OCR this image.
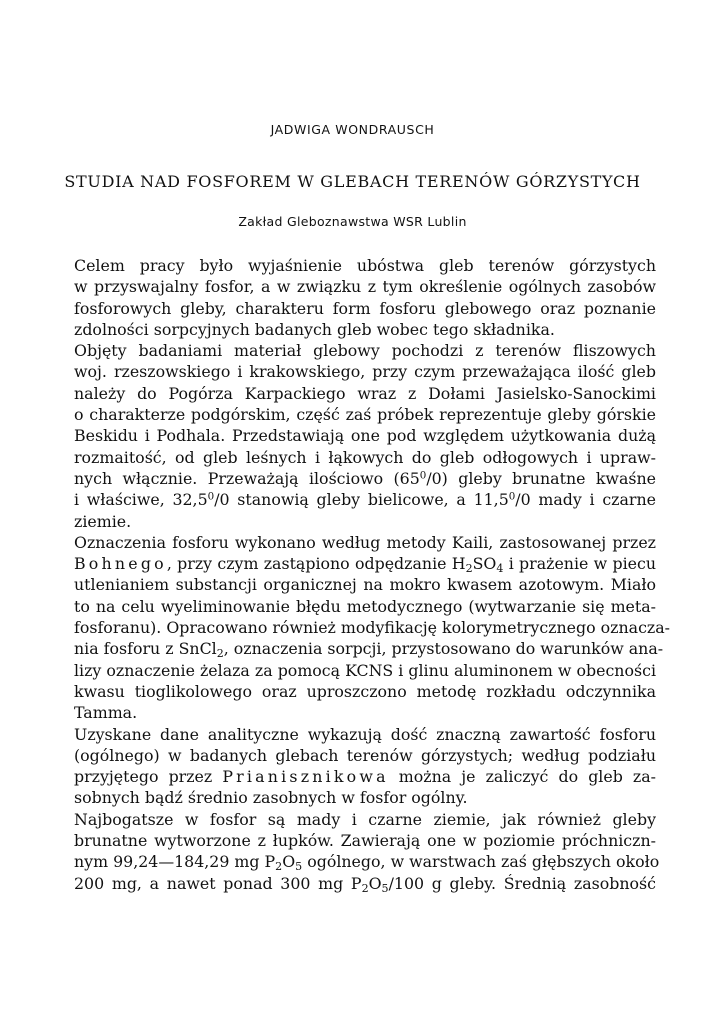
JADWIGA WONDRAUSCH
STUDIA NAD FOSFOREM W GLEBACH TERENÓW GÓRZYSTYCH
Zakład Gleboznawstwa WSR Lublin
Celem pracy było wyjaśnienie ubóstwa gleb terenów górzystych
w przyswajalny fosfor, a w związku z tym określenie ogólnych zasobów
fosforowych gleby, charakteru form fosforu glebowego oraz poznanie
zdolności sorpcyjnych badanych gleb wobec tego składnika.
Objęty badaniami materiał glebowy pochodzi z terenów fliszowych
woj. rzeszowskiego i krakowskiego, przy czym przeważająca ilość gleb
należy do Pogórza Karpackiego wraz z Dołami Jasielsko-Sanockimi
o charakterze podgórskim, część zaś próbek reprezentuje gleby górskie
Beskidu i Podhala. Przedstawiają one pod względem użytkowania dużą
rozmaitość, od gleb leśnych i łąkowych do gleb odłogowych i upraw-
nych włącznie. Przeważają ilościowo $(65^0/0)$ gleby brunatne kwaśne
i właściwe, 32,5$^0$/0 stanowią gleby bielicowe, a 11,5$^0$/0 mady i czarne
ziemie.
Oznaczenia fosforu wykonano według metody Kaili, zastosowanej przez
Bohnego, przy czym zastąpiono odpędzanie $H_2SO_4$ i prażenie w piecu
utlenianiem substancji organicznej na mokro kwasem azotowym. Miało
to na celu wyeliminowanie błędu metodycznego (wytwarzanie się meta-
fosforanu). Opracowano również modyfikację kolorymetrycznego oznacza-
nia fosforu z SnCl$_2$, oznaczenia sorpcji, przystosowano do warunków ana-
lizy oznaczenie żelaza za pomocą KCNS i glinu aluminonem w obecności
kwasu tioglikolowego oraz uproszczono metodę rozkładu odczynnika
Tamma.
Uzyskane dane analityczne wykazują dość znaczną zawartość fosforu
(ogólnego) w badanych glebach terenów górzystych; według podziału
przyjętego przez Prianisznikowa można je zaliczyć do gleb za-
sobnych bądź średnio zasobnych w fosfor ogólny.
Najbogatsze w fosfor są mady i czarne ziemie, jak również gleby
brunatne wytworzone z łupków. Zawierają one w poziomie próchniczn-
nym 99,24—184,29 mg $P_2O_5$ ogólnego, w warstwach zaś głębszych około
200 mg, a nawet ponad 300 mg $P_2O_5/100$ g gleby. Średnią zasobność
